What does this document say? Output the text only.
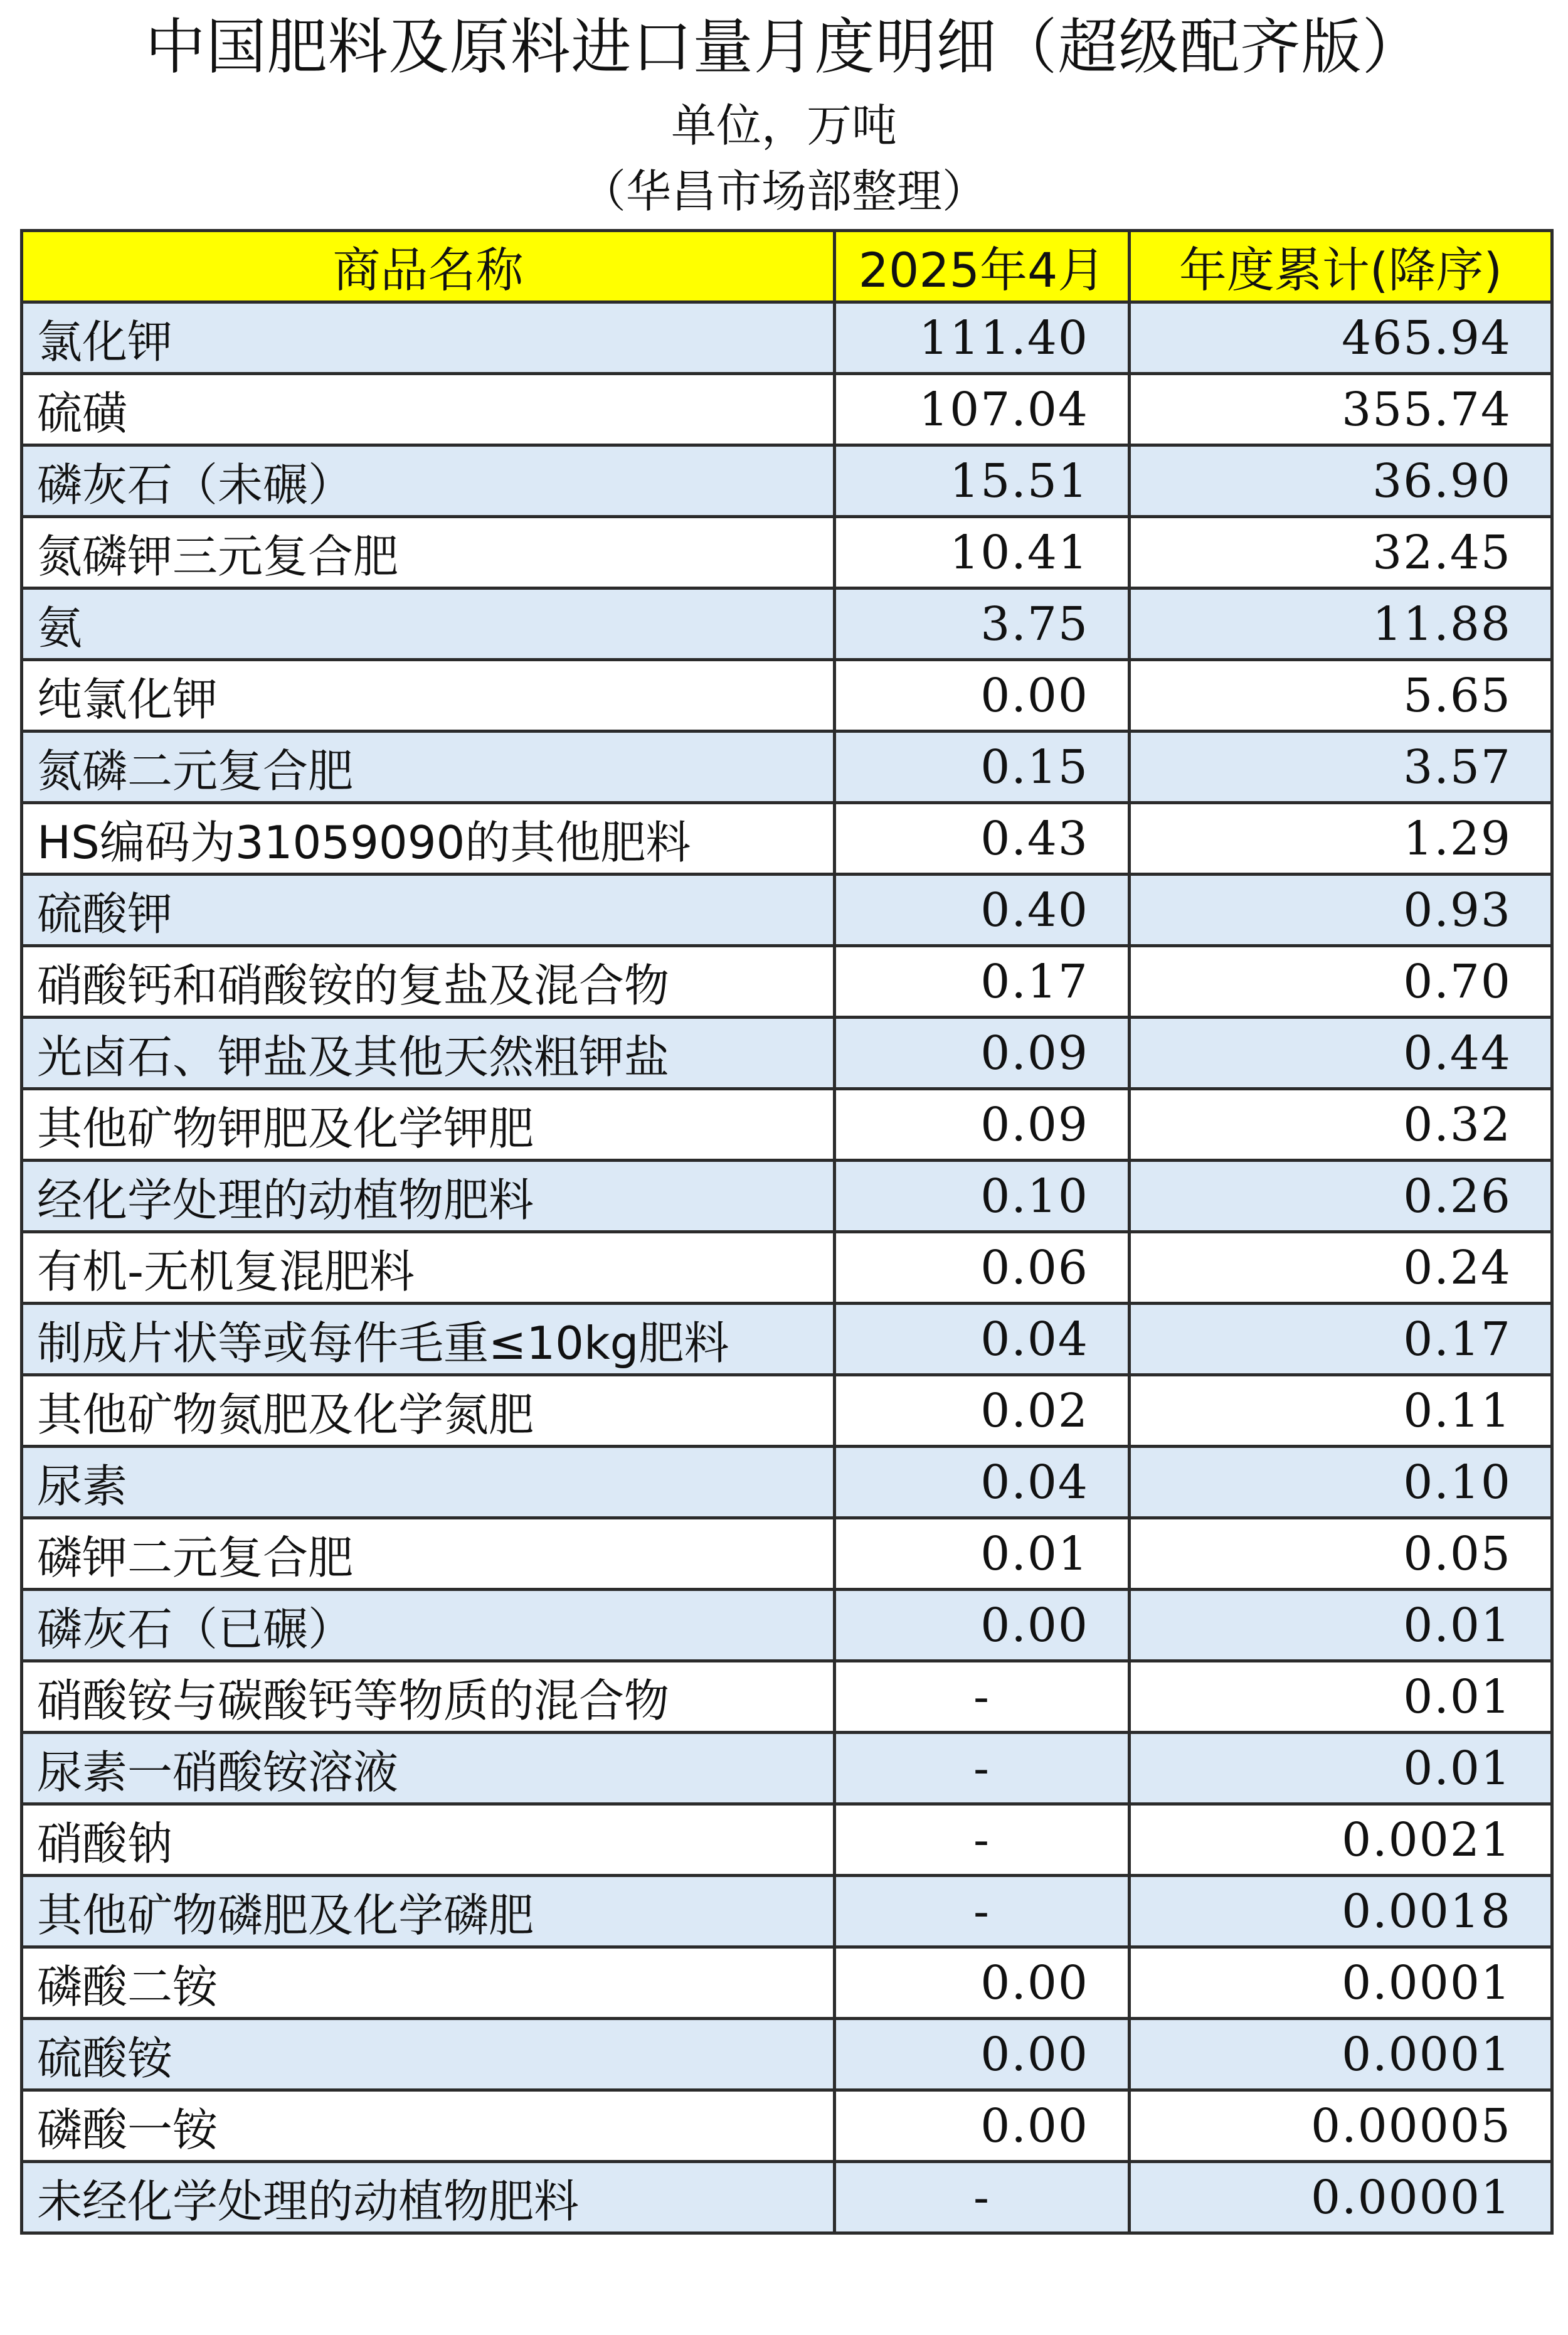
中国肥料及原料进口量月度明细（超级配齐版）
单位，万吨
（华昌市场部整理）
商品名称	2025年4月	年度累计(降序)
氯化钾	111.40	465.94
硫磺	107.04	355.74
磷灰石（未碾）	15.51	36.90
氮磷钾三元复合肥	10.41	32.45
氨	3.75	11.88
纯氯化钾	0.00	5.65
氮磷二元复合肥	0.15	3.57
HS编码为31059090的其他肥料	0.43	1.29
硫酸钾	0.40	0.93
硝酸钙和硝酸铵的复盐及混合物	0.17	0.70
光卤石、钾盐及其他天然粗钾盐	0.09	0.44
其他矿物钾肥及化学钾肥	0.09	0.32
经化学处理的动植物肥料	0.10	0.26
有机-无机复混肥料	0.06	0.24
制成片状等或每件毛重≤10kg肥料	0.04	0.17
其他矿物氮肥及化学氮肥	0.02	0.11
尿素	0.04	0.10
磷钾二元复合肥	0.01	0.05
磷灰石（已碾）	0.00	0.01
硝酸铵与碳酸钙等物质的混合物	-	0.01
尿素一硝酸铵溶液	-	0.01
硝酸钠	-	0.0021
其他矿物磷肥及化学磷肥	-	0.0018
磷酸二铵	0.00	0.0001
硫酸铵	0.00	0.0001
磷酸一铵	0.00	0.00005
未经化学处理的动植物肥料	-	0.00001
